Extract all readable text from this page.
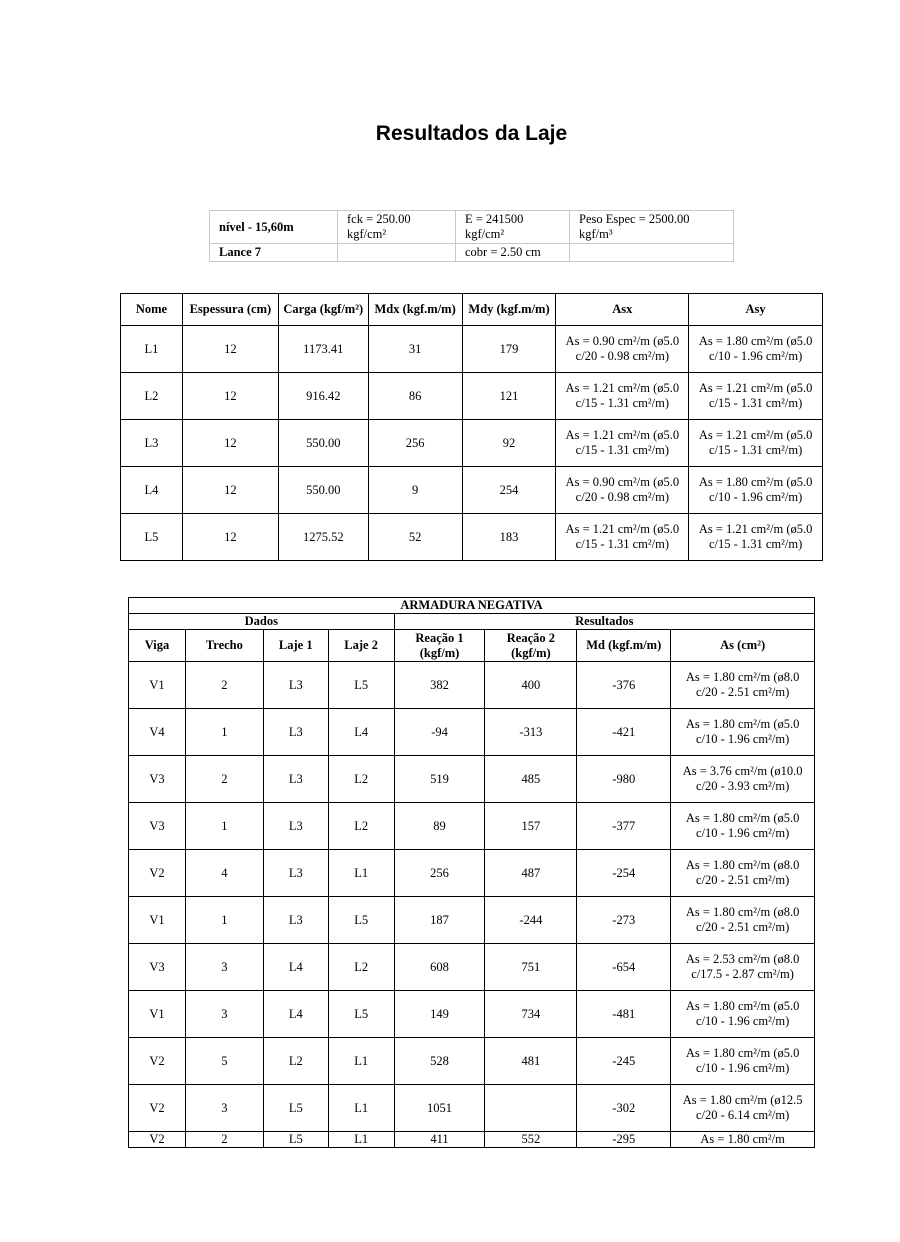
Resultados da Laje
nível - 15,60m	fck = 250.00 kgf/cm²	E = 241500 kgf/cm²	Peso Espec = 2500.00 kgf/m³
Lance 7		cobr = 2.50 cm	
Nome	Espessura (cm)	Carga (kgf/m²)	Mdx (kgf.m/m)	Mdy (kgf.m/m)	Asx	Asy
L1	12	1173.41	31	179	As = 0.90 cm²/m (ø5.0 c/20 - 0.98 cm²/m)	As = 1.80 cm²/m (ø5.0 c/10 - 1.96 cm²/m)
L2	12	916.42	86	121	As = 1.21 cm²/m (ø5.0 c/15 - 1.31 cm²/m)	As = 1.21 cm²/m (ø5.0 c/15 - 1.31 cm²/m)
L3	12	550.00	256	92	As = 1.21 cm²/m (ø5.0 c/15 - 1.31 cm²/m)	As = 1.21 cm²/m (ø5.0 c/15 - 1.31 cm²/m)
L4	12	550.00	9	254	As = 0.90 cm²/m (ø5.0 c/20 - 0.98 cm²/m)	As = 1.80 cm²/m (ø5.0 c/10 - 1.96 cm²/m)
L5	12	1275.52	52	183	As = 1.21 cm²/m (ø5.0 c/15 - 1.31 cm²/m)	As = 1.21 cm²/m (ø5.0 c/15 - 1.31 cm²/m)
ARMADURA NEGATIVA							
Dados				Resultados			
Viga	Trecho	Laje 1	Laje 2	Reação 1 (kgf/m)	Reação 2 (kgf/m)	Md (kgf.m/m)	As (cm²)
V1	2	L3	L5	382	400	-376	As = 1.80 cm²/m (ø8.0 c/20 - 2.51 cm²/m)
V4	1	L3	L4	-94	-313	-421	As = 1.80 cm²/m (ø5.0 c/10 - 1.96 cm²/m)
V3	2	L3	L2	519	485	-980	As = 3.76 cm²/m (ø10.0 c/20 - 3.93 cm²/m)
V3	1	L3	L2	89	157	-377	As = 1.80 cm²/m (ø5.0 c/10 - 1.96 cm²/m)
V2	4	L3	L1	256	487	-254	As = 1.80 cm²/m (ø8.0 c/20 - 2.51 cm²/m)
V1	1	L3	L5	187	-244	-273	As = 1.80 cm²/m (ø8.0 c/20 - 2.51 cm²/m)
V3	3	L4	L2	608	751	-654	As = 2.53 cm²/m (ø8.0 c/17.5 - 2.87 cm²/m)
V1	3	L4	L5	149	734	-481	As = 1.80 cm²/m (ø5.0 c/10 - 1.96 cm²/m)
V2	5	L2	L1	528	481	-245	As = 1.80 cm²/m (ø5.0 c/10 - 1.96 cm²/m)
V2	3	L5	L1	1051		-302	As = 1.80 cm²/m (ø12.5 c/20 - 6.14 cm²/m)
V2	2	L5	L1	411	552	-295	As = 1.80 cm²/m
